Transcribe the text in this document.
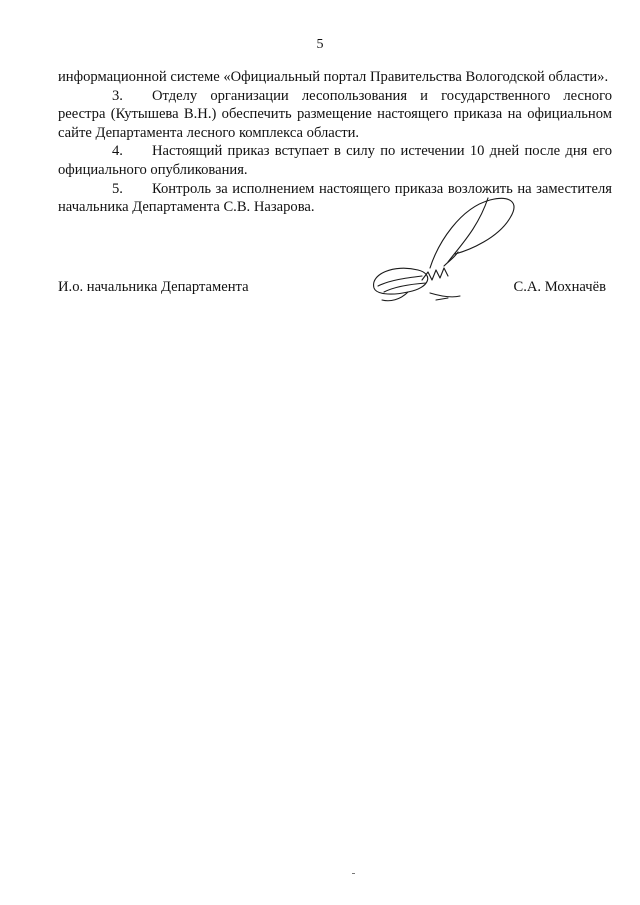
5

информационной системе «Официальный портал Правительства Вологодской области».

3. Отделу организации лесопользования и государственного лесного реестра (Кутышева В.Н.) обеспечить размещение настоящего приказа на официальном сайте Департамента лесного комплекса области.

4. Настоящий приказ вступает в силу по истечении 10 дней после дня его официального опубликования.

5. Контроль за исполнением настоящего приказа возложить на заместителя начальника Департамента С.В. Назарова.

И.о. начальника Департамента	С.А. Мохначёв
